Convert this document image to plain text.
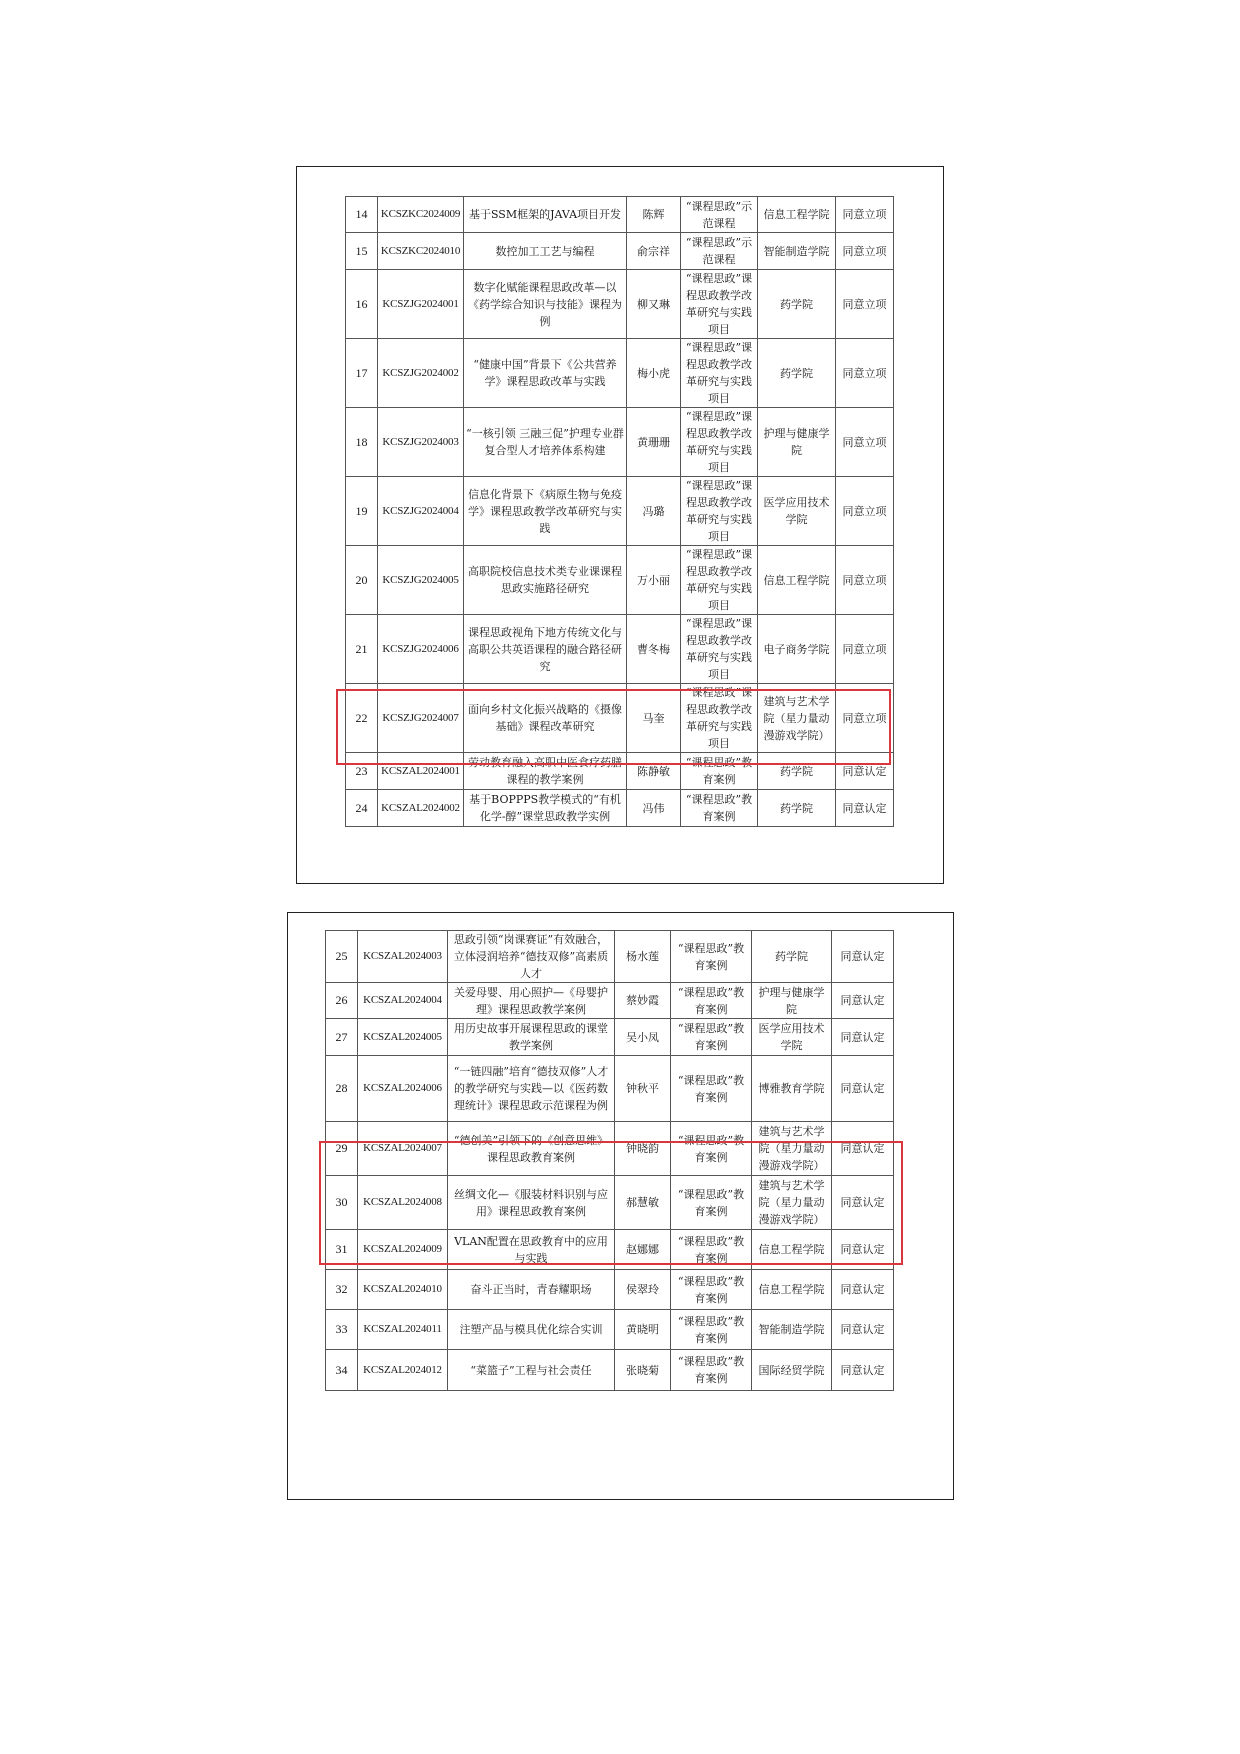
14	KCSZKC2024009	基于SSM框架的JAVA项目开发	陈辉	“课程思政”示范课程	信息工程学院	同意立项
15	KCSZKC2024010	数控加工工艺与编程	俞宗祥	“课程思政”示范课程	智能制造学院	同意立项
16	KCSZJG2024001	数字化赋能课程思政改革—以《药学综合知识与技能》课程为例	柳又琳	“课程思政”课程思政教学改革研究与实践项目	药学院	同意立项
17	KCSZJG2024002	“健康中国”背景下《公共营养学》课程思政改革与实践	梅小虎	“课程思政”课程思政教学改革研究与实践项目	药学院	同意立项
18	KCSZJG2024003	“一核引领 三融三促”护理专业群复合型人才培养体系构建	黄珊珊	“课程思政”课程思政教学改革研究与实践项目	护理与健康学院	同意立项
19	KCSZJG2024004	信息化背景下《病原生物与免疫学》课程思政教学改革研究与实践	冯璐	“课程思政”课程思政教学改革研究与实践项目	医学应用技术学院	同意立项
20	KCSZJG2024005	高职院校信息技术类专业课课程思政实施路径研究	万小丽	“课程思政”课程思政教学改革研究与实践项目	信息工程学院	同意立项
21	KCSZJG2024006	课程思政视角下地方传统文化与高职公共英语课程的融合路径研究	曹冬梅	“课程思政”课程思政教学改革研究与实践项目	电子商务学院	同意立项
22	KCSZJG2024007	面向乡村文化振兴战略的《摄像基础》课程改革研究	马奎	“课程思政”课程思政教学改革研究与实践项目	建筑与艺术学院（星力量动漫游戏学院）	同意立项
23	KCSZAL2024001	劳动教育融入高职中医食疗药膳课程的教学案例	陈静敏	“课程思政”教育案例	药学院	同意认定
24	KCSZAL2024002	基于BOPPPS教学模式的“有机化学-醇”课堂思政教学实例	冯伟	“课程思政”教育案例	药学院	同意认定
25	KCSZAL2024003	思政引领“岗课赛证”有效融合，立体浸润培养“德技双修”高素质人才	杨水莲	“课程思政”教育案例	药学院	同意认定
26	KCSZAL2024004	关爱母婴、用心照护—《母婴护理》课程思政教学案例	蔡妙霞	“课程思政”教育案例	护理与健康学院	同意认定
27	KCSZAL2024005	用历史故事开展课程思政的课堂教学案例	吴小凤	“课程思政”教育案例	医学应用技术学院	同意认定
28	KCSZAL2024006	“一链四融”培育“德技双修”人才的教学研究与实践—以《医药数理统计》课程思政示范课程为例	钟秋平	“课程思政”教育案例	博雅教育学院	同意认定
29	KCSZAL2024007	“德创美”引领下的《创意思维》课程思政教育案例	钟晓韵	“课程思政”教育案例	建筑与艺术学院（星力量动漫游戏学院）	同意认定
30	KCSZAL2024008	丝绸文化—《服装材料识别与应用》课程思政教育案例	郝慧敏	“课程思政”教育案例	建筑与艺术学院（星力量动漫游戏学院）	同意认定
31	KCSZAL2024009	VLAN配置在思政教育中的应用与实践	赵娜娜	“课程思政”教育案例	信息工程学院	同意认定
32	KCSZAL2024010	奋斗正当时，青春耀职场	侯翠玲	“课程思政”教育案例	信息工程学院	同意认定
33	KCSZAL2024011	注塑产品与模具优化综合实训	黄晓明	“课程思政”教育案例	智能制造学院	同意认定
34	KCSZAL2024012	“菜篮子”工程与社会责任	张晓菊	“课程思政”教育案例	国际经贸学院	同意认定
